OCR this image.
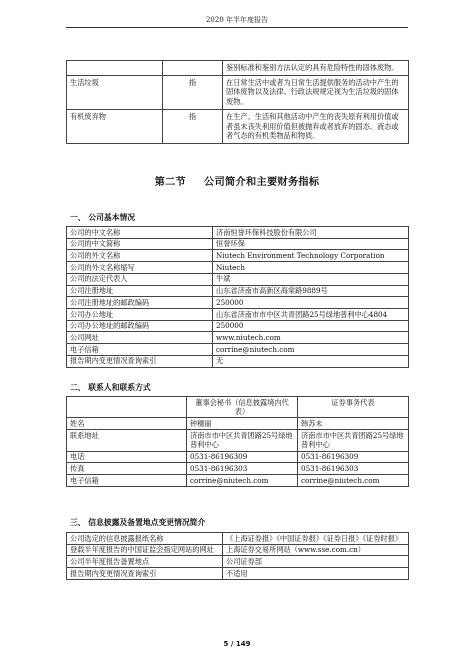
2020 年半年度报告
		鉴别标准和鉴别方法认定的具有危险特性的固体废物。
生活垃圾	指	在日常生活中或者为日常生活提供服务的活动中产生的固体废物以及法律、行政法规规定视为生活垃圾的固体废物。
有机废弃物	指	在生产、生活和其他活动中产生的丧失原有利用价值或者虽未丧失利用价值但被抛弃或者放弃的固态、液态或者气态的有机类物品和物质。
第二节 公司简介和主要财务指标
一、 公司基本情况
公司的中文名称	济南恒誉环保科技股份有限公司
公司的中文简称	恒誉环保
公司的外文名称	Niutech Environment Technology Corporation
公司的外文名称缩写	Niutech
公司的法定代表人	牛斌
公司注册地址	山东省济南市高新区海棠路9889号
公司注册地址的邮政编码	250000
公司办公地址	山东省济南市市中区共青团路25号绿地普利中心4804
公司办公地址的邮政编码	250000
公司网址	www.niutech.com
电子信箱	corrine@niutech.com
报告期内变更情况查询索引	无
二、 联系人和联系方式
	董事会秘书（信息披露境内代表）	证券事务代表
姓名	钟穗丽	韩苏未
联系地址	济南市市中区共青团路25号绿地普利中心	济南市市中区共青团路25号绿地普利中心
电话	0531-86196309	0531-86196309
传真	0531-86196303	0531-86196303
电子信箱	corrine@niutech.com	corrine@niutech.com
三、 信息披露及备置地点变更情况简介
公司选定的信息披露报纸名称	《上海证券报》《中国证券报》《证券日报》《证券时报》
登载半年度报告的中国证监会指定网站的网址	上海证券交易所网站（www.sse.com.cn）
公司半年度报告备置地点	公司证券部
报告期内变更情况查询索引	不适用
5 / 149
